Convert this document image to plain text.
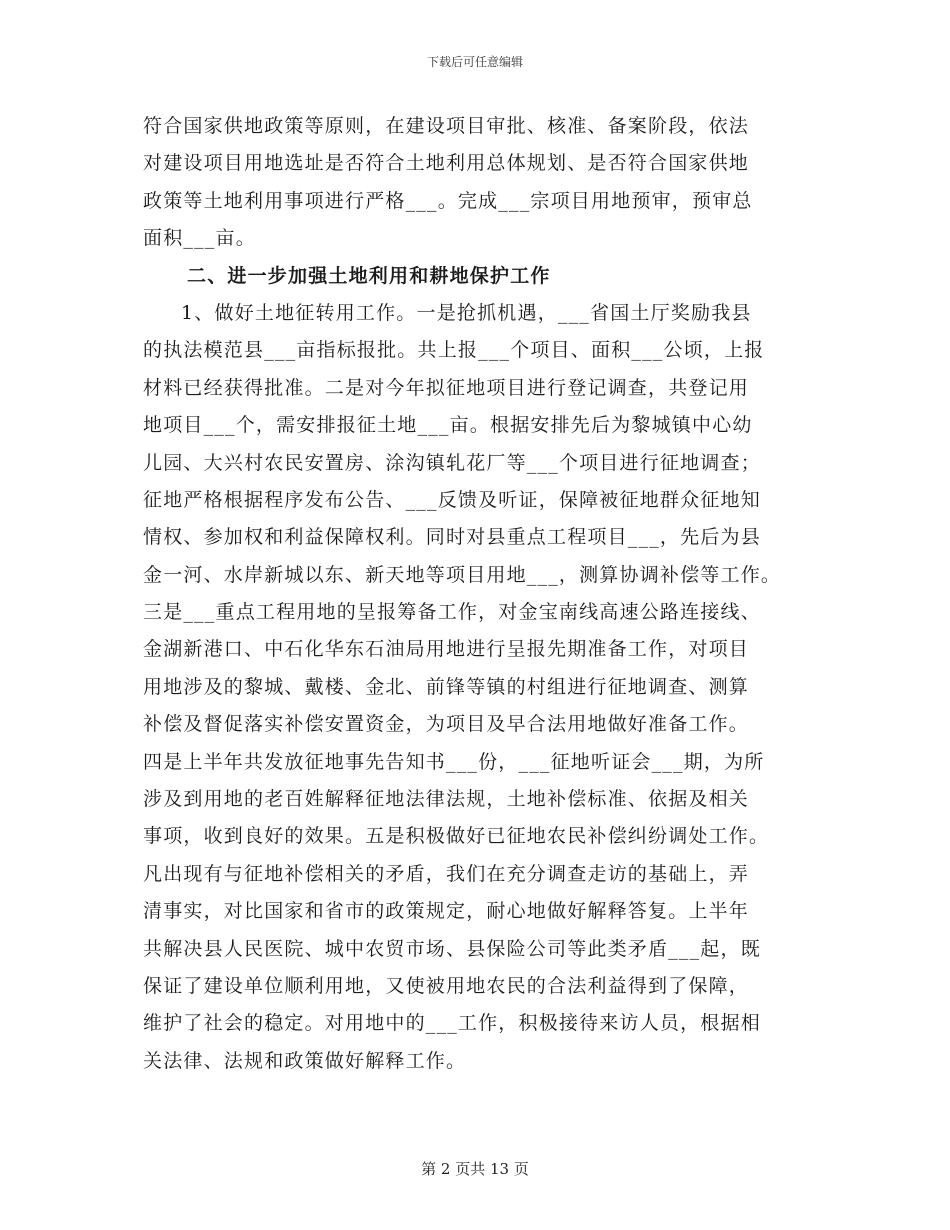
下载后可任意编辑
符合国家供地政策等原则，在建设项目审批、核准、备案阶段，依法
对建设项目用地选址是否符合土地利用总体规划、是否符合国家供地
政策等土地利用事项进行严格___。完成___宗项目用地预审，预审总
面积___亩。
二、进一步加强土地利用和耕地保护工作
1、做好土地征转用工作。一是抢抓机遇，___省国土厅奖励我县
的执法模范县___亩指标报批。共上报___个项目、面积___公顷，上报
材料已经获得批准。二是对今年拟征地项目进行登记调查，共登记用
地项目___个，需安排报征土地___亩。根据安排先后为黎城镇中心幼
儿园、大兴村农民安置房、涂沟镇轧花厂等___个项目进行征地调查；
征地严格根据程序发布公告、___反馈及听证，保障被征地群众征地知
情权、参加权和利益保障权利。同时对县重点工程项目___，先后为县
金一河、水岸新城以东、新天地等项目用地___，测算协调补偿等工作。
三是___重点工程用地的呈报筹备工作，对金宝南线高速公路连接线、
金湖新港口、中石化华东石油局用地进行呈报先期准备工作，对项目
用地涉及的黎城、戴楼、金北、前锋等镇的村组进行征地调查、测算
补偿及督促落实补偿安置资金，为项目及早合法用地做好准备工作。
四是上半年共发放征地事先告知书___份，___征地听证会___期，为所
涉及到用地的老百姓解释征地法律法规，土地补偿标准、依据及相关
事项，收到良好的效果。五是积极做好已征地农民补偿纠纷调处工作。
凡出现有与征地补偿相关的矛盾，我们在充分调查走访的基础上，弄
清事实，对比国家和省市的政策规定，耐心地做好解释答复。上半年
共解决县人民医院、城中农贸市场、县保险公司等此类矛盾___起，既
保证了建设单位顺利用地，又使被用地农民的合法利益得到了保障，
维护了社会的稳定。对用地中的___工作，积极接待来访人员，根据相
关法律、法规和政策做好解释工作。
第 2 页共 13 页
